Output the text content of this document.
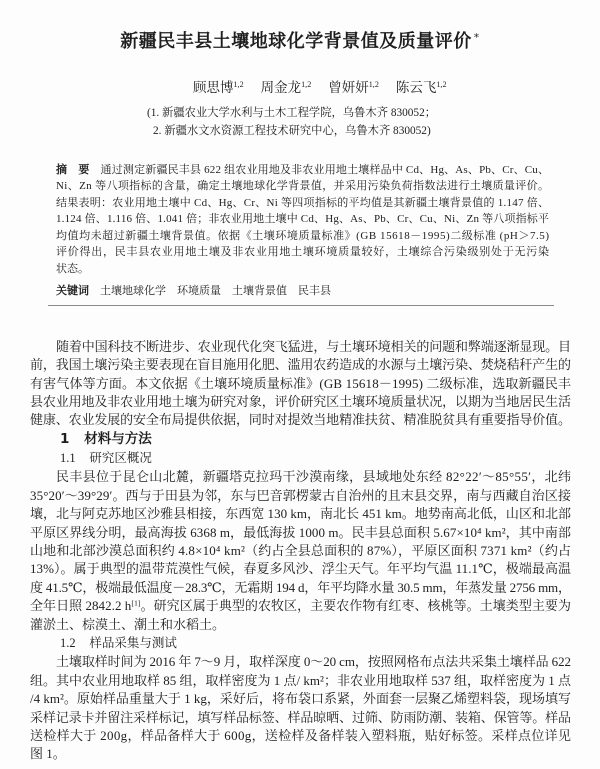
新疆民丰县土壤地球化学背景值及质量评价 *
顾思博$^{1,2}$ 周金龙$^{1,2}$ 曾妍妍$^{1,2}$ 陈云飞$^{1,2}$
(1. 新疆农业大学水利与土木工程学院，乌鲁木齐 830052；
2. 新疆水文水资源工程技术研究中心，乌鲁木齐 830052)
摘　要 通过测定新疆民丰县 622 组农业用地及非农业用地土壤样品中 Cd、Hg、As、Pb、Cr、Cu、
Ni、Zn 等八项指标的含量，确定土壤地球化学背景值，并采用污染负荷指数法进行土壤质量评价。
结果表明：农业用地土壤中 Cd、Hg、Cr、Ni 等四项指标的平均值是其新疆土壤背景值的 1.147 倍、
1.124 倍、1.116 倍、1.041 倍；非农业用地土壤中 Cd、Hg、As、Pb、Cr、Cu、Ni、Zn 等八项指标平
均值均未超过新疆土壤背景值。依据《土壤环境质量标准》(GB 15618－1995)二级标准 (pH＞7.5)
评价得出，民丰县农业用地土壤及非农业用地土壤环境质量较好，土壤综合污染级别处于无污染
状态。
关键词 土壤地球化学 环境质量 土壤背景值 民丰县
随着中国科技不断进步、农业现代化突飞猛进，与土壤环境相关的问题和弊端逐渐显现。目
前，我国土壤污染主要表现在盲目施用化肥、滥用农药造成的水源与土壤污染、焚烧秸秆产生的
有害气体等方面。本文依据《土壤环境质量标准》(GB 15618－1995) 二级标准，选取新疆民丰
县农业用地及非农业用地土壤为研究对象，评价研究区土壤环境质量状况，以期为当地居民生活
健康、农业发展的安全布局提供依据，同时对提效当地精准扶贫、精准脱贫具有重要指导价值。
1 材料与方法
1.1 研究区概况
民丰县位于昆仑山北麓，新疆塔克拉玛干沙漠南缘，县域地处东经 82°22′～85°55′，北纬
35°20′～39°29′。西与于田县为邻，东与巴音郭楞蒙古自治州的且末县交界，南与西藏自治区接
壤，北与阿克苏地区沙雅县相接，东西宽 130 km，南北长 451 km。地势南高北低，山区和北部
平原区界线分明，最高海拔 6368 m，最低海拔 1000 m。民丰县总面积 5.67×10⁴ km²，其中南部
山地和北部沙漠总面积约 4.8×10⁴ km²（约占全县总面积的 87%），平原区面积 7371 km²（约占
13%）。属于典型的温带荒漠性气候，春夏多风沙、浮尘天气。年平均气温 11.1℃，极端最高温
度 41.5℃，极端最低温度－28.3℃，无霜期 194 d，年平均降水量 30.5 mm，年蒸发量 2756 mm，
全年日照 2842.2 h[1]。研究区属于典型的农牧区，主要农作物有红枣、核桃等。土壤类型主要为
灌淤土、棕漠土、潮土和水稻土。
1.2 样品采集与测试
土壤取样时间为 2016 年 7～9 月，取样深度 0～20 cm，按照网格布点法共采集土壤样品 622
组。其中农业用地取样 85 组，取样密度为 1 点/ km²；非农业用地取样 537 组，取样密度为 1 点
/4 km²。原始样品重量大于 1 kg，采好后，将布袋口系紧，外面套一层聚乙烯塑料袋，现场填写
采样记录卡并留注采样标记，填写样品标签、样品晾晒、过筛、防雨防潮、装箱、保管等。样品
送检样大于 200g，样品备样大于 600g，送检样及备样装入塑料瓶，贴好标签。采样点位详见
图 1。
